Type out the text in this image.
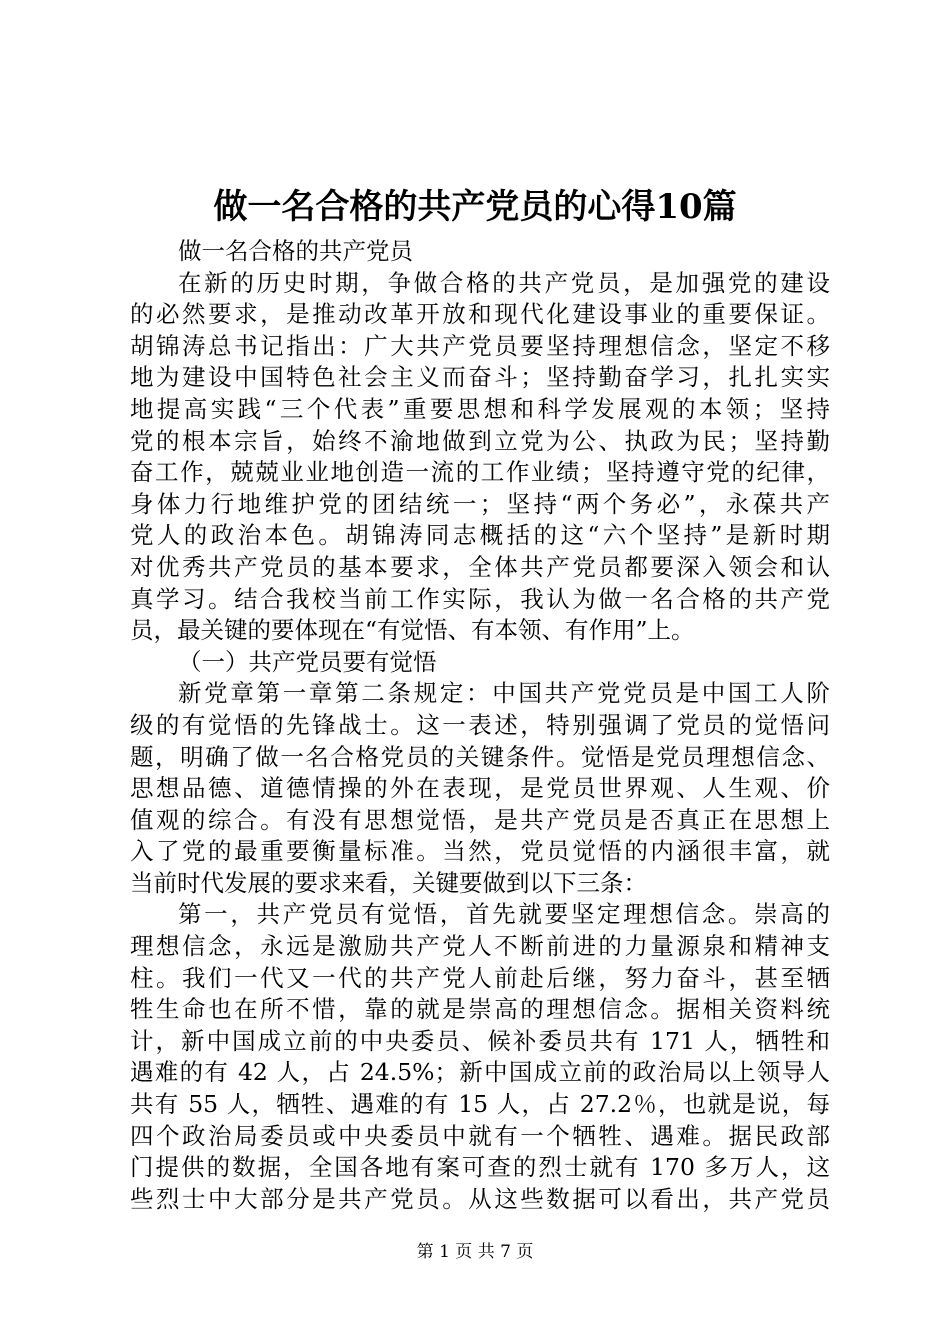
做一名合格的共产党员的心得10篇
做一名合格的共产党员
在新的历史时期，争做合格的共产党员，是加强党的建设
的必然要求，是推动改革开放和现代化建设事业的重要保证。
胡锦涛总书记指出：广大共产党员要坚持理想信念，坚定不移
地为建设中国特色社会主义而奋斗；坚持勤奋学习，扎扎实实
地提高实践“三个代表”重要思想和科学发展观的本领；坚持
党的根本宗旨，始终不渝地做到立党为公、执政为民；坚持勤
奋工作，兢兢业业地创造一流的工作业绩；坚持遵守党的纪律，
身体力行地维护党的团结统一；坚持“两个务必”，永葆共产
党人的政治本色。胡锦涛同志概括的这“六个坚持”是新时期
对优秀共产党员的基本要求，全体共产党员都要深入领会和认
真学习。结合我校当前工作实际，我认为做一名合格的共产党
员，最关键的要体现在“有觉悟、有本领、有作用”上。
（一）共产党员要有觉悟
新党章第一章第二条规定：中国共产党党员是中国工人阶
级的有觉悟的先锋战士。这一表述，特别强调了党员的觉悟问
题，明确了做一名合格党员的关键条件。觉悟是党员理想信念、
思想品德、道德情操的外在表现，是党员世界观、人生观、价
值观的综合。有没有思想觉悟，是共产党员是否真正在思想上
入了党的最重要衡量标准。当然，党员觉悟的内涵很丰富，就
当前时代发展的要求来看，关键要做到以下三条：
第一，共产党员有觉悟，首先就要坚定理想信念。崇高的
理想信念，永远是激励共产党人不断前进的力量源泉和精神支
柱。我们一代又一代的共产党人前赴后继，努力奋斗，甚至牺
牲生命也在所不惜，靠的就是崇高的理想信念。据相关资料统
计，新中国成立前的中央委员、候补委员共有 171 人，牺牲和
遇难的有 42 人，占 24.5%；新中国成立前的政治局以上领导人
共有 55 人，牺牲、遇难的有 15 人，占 27.2％，也就是说，每
四个政治局委员或中央委员中就有一个牺牲、遇难。据民政部
门提供的数据，全国各地有案可查的烈士就有 170 多万人，这
些烈士中大部分是共产党员。从这些数据可以看出，共产党员
第 1 页 共 7 页
